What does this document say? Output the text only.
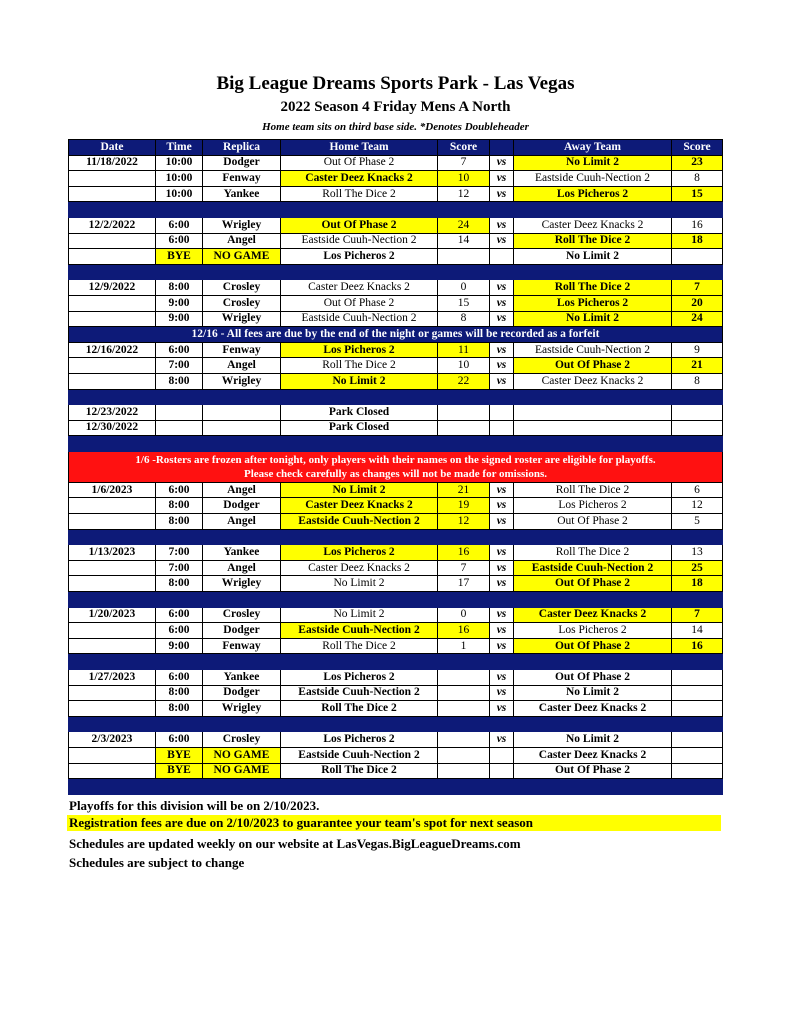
Big League Dreams Sports Park - Las Vegas
2022 Season 4 Friday Mens A North
Home team sits on third base side. *Denotes Doubleheader
Date	Time	Replica	Home Team	Score		Away Team	Score
11/18/2022	10:00	Dodger	Out Of Phase 2	7	vs	No Limit 2	23
	10:00	Fenway	Caster Deez Knacks 2	10	vs	Eastside Cuuh-Nection 2	8
	10:00	Yankee	Roll The Dice 2	12	vs	Los Picheros 2	15

12/2/2022	6:00	Wrigley	Out Of Phase 2	24	vs	Caster Deez Knacks 2	16
	6:00	Angel	Eastside Cuuh-Nection 2	14	vs	Roll The Dice 2	18
	BYE	NO GAME	Los Picheros 2			No Limit 2	

12/9/2022	8:00	Crosley	Caster Deez Knacks 2	0	vs	Roll The Dice 2	7
	9:00	Crosley	Out Of Phase 2	15	vs	Los Picheros 2	20
	9:00	Wrigley	Eastside Cuuh-Nection 2	8	vs	No Limit 2	24
12/16 - All fees are due by the end of the night or games will be recorded as a forfeit							
12/16/2022	6:00	Fenway	Los Picheros 2	11	vs	Eastside Cuuh-Nection 2	9
	7:00	Angel	Roll The Dice 2	10	vs	Out Of Phase 2	21
	8:00	Wrigley	No Limit 2	22	vs	Caster Deez Knacks 2	8

12/23/2022			Park Closed				
12/30/2022			Park Closed				

1/6 -Rosters are frozen after tonight, only players with their names on the signed roster are eligible for playoffs.
Please check carefully as changes will not be made for omissions.							

1/6/2023	6:00	Angel	No Limit 2	21	vs	Roll The Dice 2	6
	8:00	Dodger	Caster Deez Knacks 2	19	vs	Los Picheros 2	12
	8:00	Angel	Eastside Cuuh-Nection 2	12	vs	Out Of Phase 2	5

1/13/2023	7:00	Yankee	Los Picheros 2	16	vs	Roll The Dice 2	13
	7:00	Angel	Caster Deez Knacks 2	7	vs	Eastside Cuuh-Nection 2	25
	8:00	Wrigley	No Limit 2	17	vs	Out Of Phase 2	18

1/20/2023	6:00	Crosley	No Limit 2	0	vs	Caster Deez Knacks 2	7
	6:00	Dodger	Eastside Cuuh-Nection 2	16	vs	Los Picheros 2	14
	9:00	Fenway	Roll The Dice 2	1	vs	Out Of Phase 2	16

1/27/2023	6:00	Yankee	Los Picheros 2		vs	Out Of Phase 2	
	8:00	Dodger	Eastside Cuuh-Nection 2		vs	No Limit 2	
	8:00	Wrigley	Roll The Dice 2		vs	Caster Deez Knacks 2	

2/3/2023	6:00	Crosley	Los Picheros 2		vs	No Limit 2	
	BYE	NO GAME	Eastside Cuuh-Nection 2			Caster Deez Knacks 2	
	BYE	NO GAME	Roll The Dice 2			Out Of Phase 2	

Playoffs for this division will be on 2/10/2023.
Registration fees are due on 2/10/2023 to guarantee your team's spot for next season
Schedules are updated weekly on our website at LasVegas.BigLeagueDreams.com
Schedules are subject to change
